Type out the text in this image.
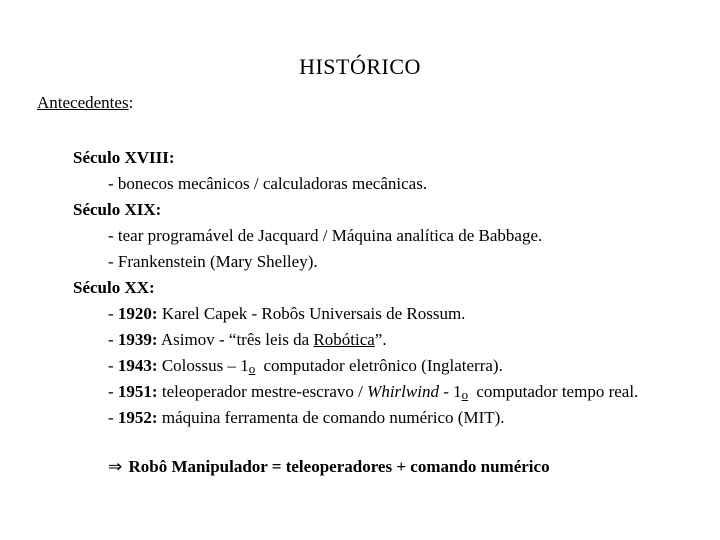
HISTÓRICO
Antecedentes:
Século XVIII:
- bonecos mecânicos / calculadoras mecânicas.
Século XIX:
- tear programável de Jacquard / Máquina analítica de Babbage.
- Frankenstein (Mary Shelley).
Século XX:
- 1920: Karel Capek - Robôs Universais de Rossum.
- 1939: Asimov - “três leis da Robótica”.
- 1943: Colossus – 1o computador eletrônico (Inglaterra).
- 1951: teleoperador mestre-escravo / Whirlwind - 1o computador tempo real.
- 1952: máquina ferramenta de comando numérico (MIT).
⇒ Robô Manipulador = teleoperadores + comando numérico
